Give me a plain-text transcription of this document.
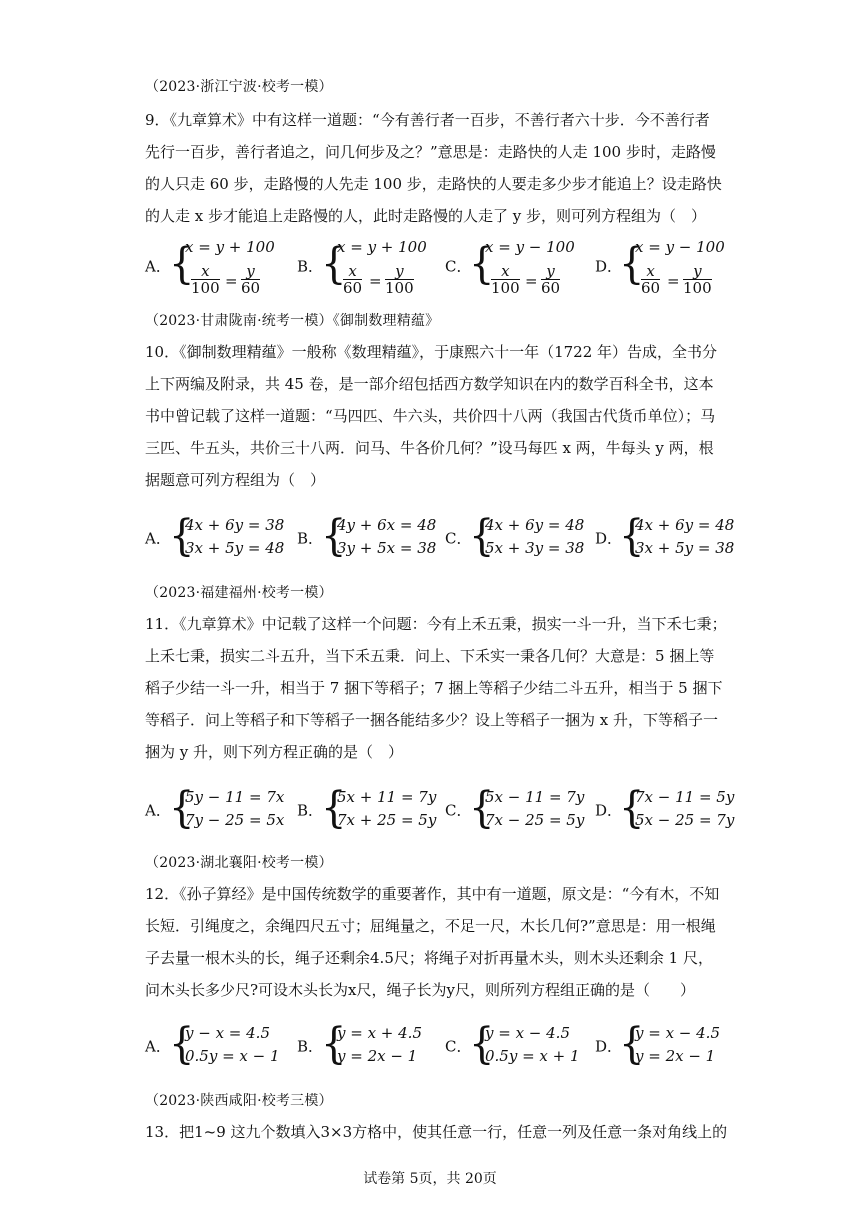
（2023·浙江宁波·校考一模）
9．《九章算术》中有这样一道题：“今有善行者一百步，不善行者六十步．今不善行者
先行一百步，善行者追之，问几何步及之？”意思是：走路快的人走 100 步时，走路慢
的人只走 60 步，走路慢的人先走 100 步，走路快的人要走多少步才能追上？设走路快
的人走 x 步才能追上走路慢的人，此时走路慢的人走了 y 步，则可列方程组为（　）
A．
{
x = y + 100
$\frac{x}{100} = \frac{y}{60}$ B．
{
x = y + 100
$\frac{x}{60} = \frac{y}{100}$ C．
{
x = y − 100
$\frac{x}{100} = \frac{y}{60}$ D．
{
x = y − 100
$\frac{x}{60} = \frac{y}{100}$
（2023·甘肃陇南·统考一模）《御制数理精蕴》
10．《御制数理精蕴》一般称《数理精蕴》，于康熙六十一年（1722 年）告成，全书分
上下两编及附录，共 45 卷，是一部介绍包括西方数学知识在内的数学百科全书，这本
书中曾记载了这样一道题：“马四匹、牛六头，共价四十八两（我国古代货币单位）；马
三匹、牛五头，共价三十八两．问马、牛各价几何？”设马每匹 x 两，牛每头 y 两，根
据题意可列方程组为（　）
A．
{
4x + 6y = 38
3x + 5y = 48
B．
{
4y + 6x = 48
3y + 5x = 38
C．
{
4x + 6y = 48
5x + 3y = 38
D．
{
4x + 6y = 48
3x + 5y = 38
（2023·福建福州·校考一模）
11．《九章算术》中记载了这样一个问题：今有上禾五秉，损实一斗一升，当下禾七秉；
上禾七秉，损实二斗五升，当下禾五秉．问上、下禾实一秉各几何？大意是：5 捆上等
稻子少结一斗一升，相当于 7 捆下等稻子；7 捆上等稻子少结二斗五升，相当于 5 捆下
等稻子．问上等稻子和下等稻子一捆各能结多少？设上等稻子一捆为 x 升，下等稻子一
捆为 y 升，则下列方程正确的是（　）
A．
{
5y − 11 = 7x
7y − 25 = 5x
B．
{
5x + 11 = 7y
7x + 25 = 5y
C．
{
5x − 11 = 7y
7x − 25 = 5y
D．
{
7x − 11 = 5y
5x − 25 = 7y
（2023·湖北襄阳·校考一模）
12．《孙子算经》是中国传统数学的重要著作，其中有一道题，原文是：“今有木，不知
长短．引绳度之，余绳四尺五寸；屈绳量之，不足一尺，木长几何?”意思是：用一根绳
子去量一根木头的长，绳子还剩余4.5尺；将绳子对折再量木头，则木头还剩余 1 尺，
问木头长多少尺?可设木头长为x尺，绳子长为y尺，则所列方程组正确的是（　　）
A．
{
y − x = 4.5
0.5y = x − 1
B．
{
y = x + 4.5
y = 2x − 1
C．
{
y = x − 4.5
0.5y = x + 1
D．
{
y = x − 4.5
y = 2x − 1
（2023·陕西咸阳·校考三模）
13．把1~9 这九个数填入3×3方格中，使其任意一行，任意一列及任意一条对角线上的
试卷第 5页，共 20页
